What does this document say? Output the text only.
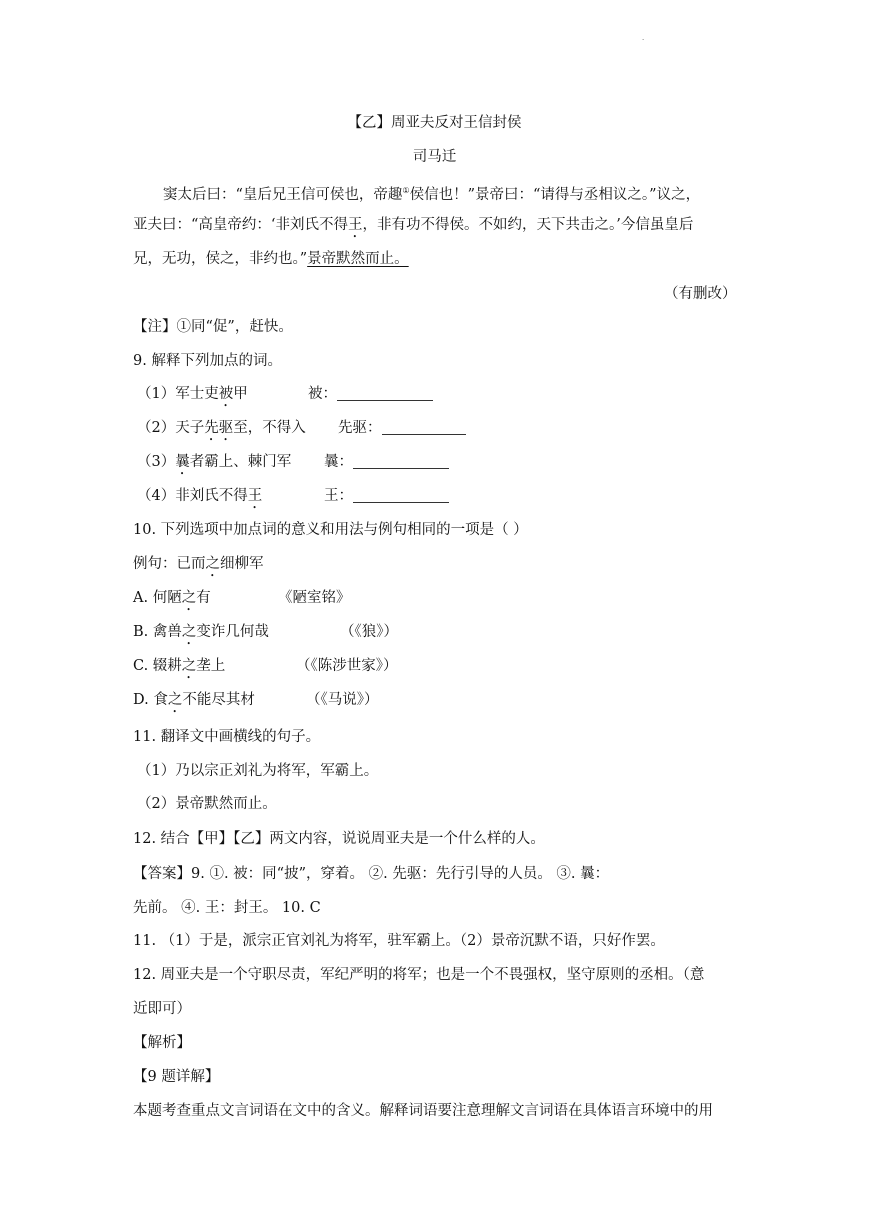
·
【乙】周亚夫反对王信封侯
司马迁
窦太后曰：“皇后兄王信可侯也，帝趣①侯信也！”景帝曰：“请得与丞相议之。”议之，
亚夫曰：“高皇帝约：‘非刘氏不得王，非有功不得侯。不如约，天下共击之。’今信虽皇后
兄，无功，侯之，非约也。”景帝默然而止。
（有删改）
【注】①同“促”，赶快。
9. 解释下列加点的词。
（1）军士吏被甲	被：
（2）天子先驱至，不得入 先驱：
（3）曩者霸上、棘门军 曩：
（4）非刘氏不得王	王：
10. 下列选项中加点词的意义和用法与例句相同的一项是（ ）
例句：已而之细柳军
A. 何陋之有	《陋室铭》
B. 禽兽之变诈几何哉	（《狼》）
C. 辍耕之垄上	（《陈涉世家》）
D. 食之不能尽其材	（《马说》）
11. 翻译文中画横线的句子。
（1）乃以宗正刘礼为将军，军霸上。
（2）景帝默然而止。
12. 结合【甲】【乙】两文内容，说说周亚夫是一个什么样的人。
【答案】9. ①. 被：同“披”，穿着。 ②. 先驱：先行引导的人员。 ③. 曩：
先前。 ④. 王：封王。 10. C
11. （1）于是，派宗正官刘礼为将军，驻军霸上。（2）景帝沉默不语，只好作罢。
12. 周亚夫是一个守职尽责，军纪严明的将军；也是一个不畏强权，坚守原则的丞相。（意
近即可）
【解析】
【9 题详解】
本题考查重点文言词语在文中的含义。解释词语要注意理解文言词语在具体语言环境中的用
